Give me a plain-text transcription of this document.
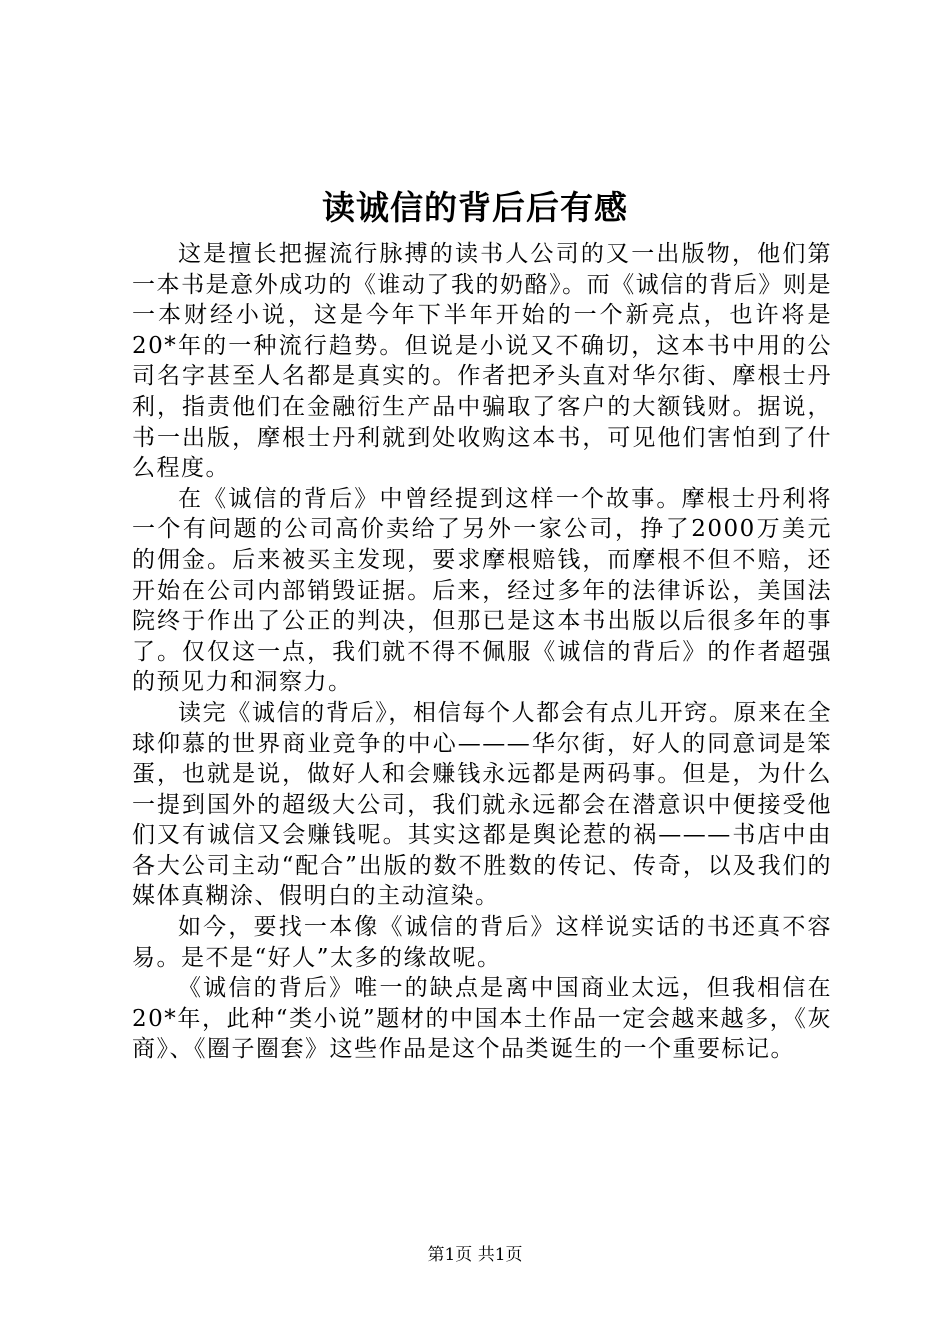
读诚信的背后后有感

这是擅长把握流行脉搏的读书人公司的又一出版物，他们第一本书是意外成功的《谁动了我的奶酪》。而《诚信的背后》则是一本财经小说，这是今年下半年开始的一个新亮点，也许将是20*年的一种流行趋势。但说是小说又不确切，这本书中用的公司名字甚至人名都是真实的。作者把矛头直对华尔街、摩根士丹利，指责他们在金融衍生产品中骗取了客户的大额钱财。据说，书一出版，摩根士丹利就到处收购这本书，可见他们害怕到了什么程度。

在《诚信的背后》中曾经提到这样一个故事。摩根士丹利将一个有问题的公司高价卖给了另外一家公司，挣了2000万美元的佣金。后来被买主发现，要求摩根赔钱，而摩根不但不赔，还开始在公司内部销毁证据。后来，经过多年的法律诉讼，美国法院终于作出了公正的判决，但那已是这本书出版以后很多年的事了。仅仅这一点，我们就不得不佩服《诚信的背后》的作者超强的预见力和洞察力。

读完《诚信的背后》，相信每个人都会有点儿开窍。原来在全球仰慕的世界商业竞争的中心———华尔街，好人的同意词是笨蛋，也就是说，做好人和会赚钱永远都是两码事。但是，为什么一提到国外的超级大公司，我们就永远都会在潜意识中便接受他们又有诚信又会赚钱呢。其实这都是舆论惹的祸———书店中由各大公司主动“配合”出版的数不胜数的传记、传奇，以及我们的媒体真糊涂、假明白的主动渲染。

如今，要找一本像《诚信的背后》这样说实话的书还真不容易。是不是“好人”太多的缘故呢。

《诚信的背后》唯一的缺点是离中国商业太远，但我相信在20*年，此种“类小说”题材的中国本土作品一定会越来越多，《灰商》、《圈子圈套》这些作品是这个品类诞生的一个重要标记。

第1页 共1页
